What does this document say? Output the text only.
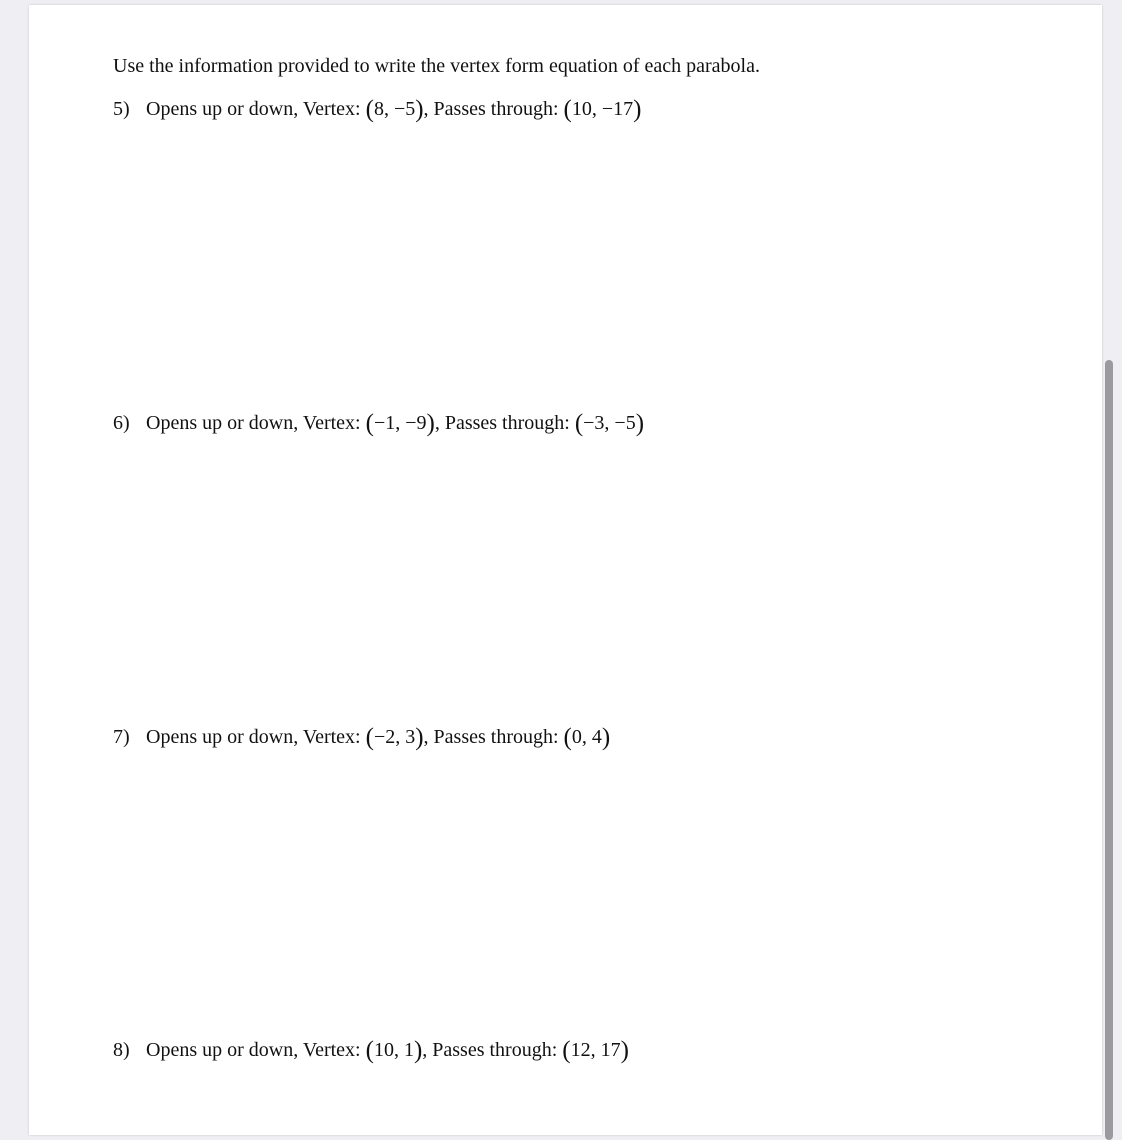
Use the information provided to write the vertex form equation of each parabola.
5) Opens up or down, Vertex: (8, −5), Passes through: (10, −17)
6) Opens up or down, Vertex: (−1, −9), Passes through: (−3, −5)
7) Opens up or down, Vertex: (−2, 3), Passes through: (0, 4)
8) Opens up or down, Vertex: (10, 1), Passes through: (12, 17)
